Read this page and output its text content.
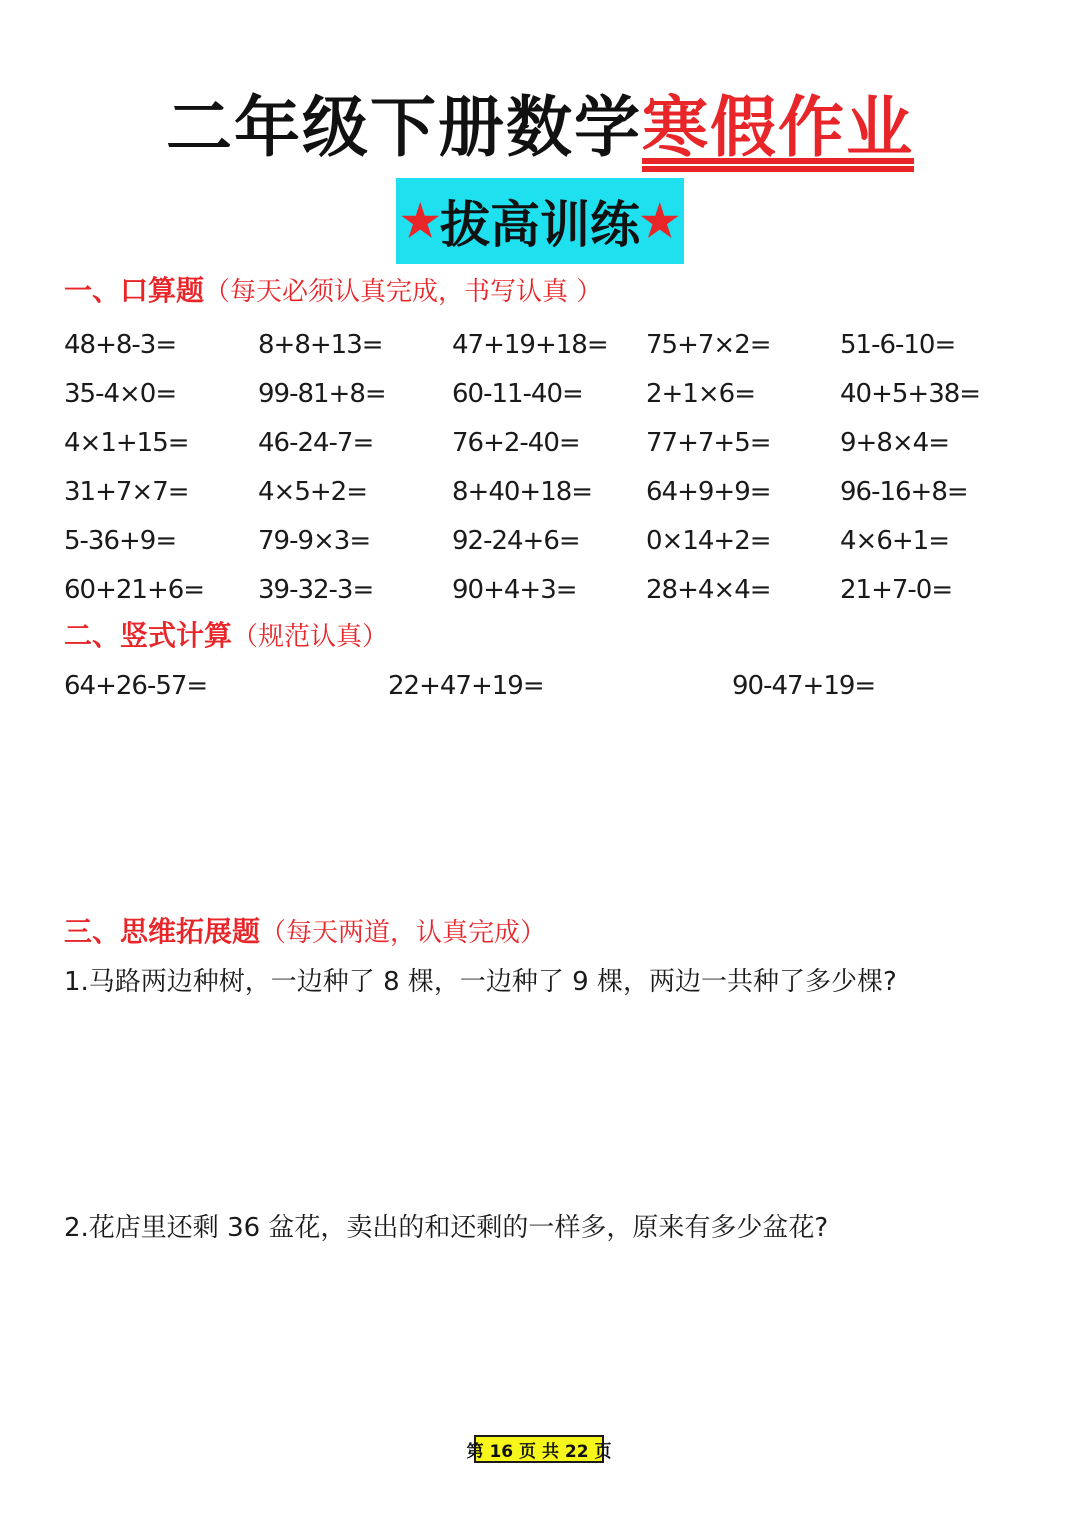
二年级下册数学寒假作业
★ 拔高训练 ★
一、口算题（每天必须认真完成，书写认真 ）
48+8-3=	8+8+13=	47+19+18=	75+7×2=	51-6-10=
35-4×0=	99-81+8=	60-11-40=	2+1×6=	40+5+38=
4×1+15=	46-24-7=	76+2-40=	77+7+5=	9+8×4=
31+7×7=	4×5+2=	8+40+18=	64+9+9=	96-16+8=
5-36+9=	79-9×3=	92-24+6=	0×14+2=	4×6+1=
60+21+6=	39-32-3=	90+4+3=	28+4×4=	21+7-0=
二、竖式计算（规范认真）
64+26-57=	22+47+19=	90-47+19=
三、思维拓展题（每天两道，认真完成）
1.马路两边种树，一边种了 8 棵，一边种了 9 棵，两边一共种了多少棵?
2.花店里还剩 36 盆花，卖出的和还剩的一样多，原来有多少盆花?
第 16 页 共 22 页
